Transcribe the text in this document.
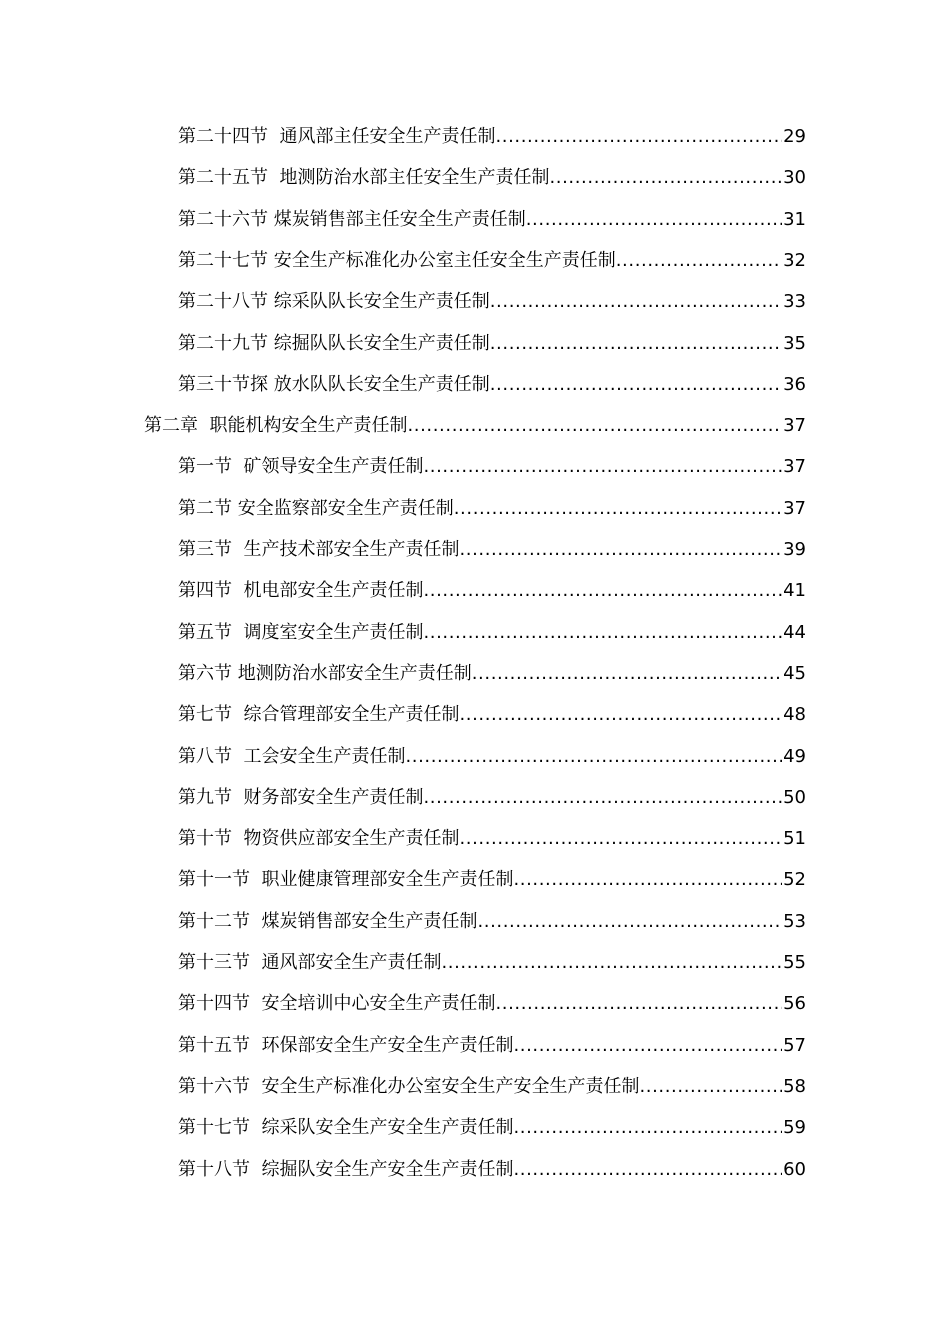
第二十四节  通风部主任安全生产责任制 .....	29
第二十五节  地测防治水部主任安全生产责任制 .....	30
第二十六节 煤炭销售部主任安全生产责任制 .....	31
第二十七节 安全生产标准化办公室主任安全生产责任制 .....	32
第二十八节 综采队队长安全生产责任制 .....	33
第二十九节 综掘队队长安全生产责任制 .....	35
第三十节探 放水队队长安全生产责任制 .....	36
第二章  职能机构安全生产责任制 .....	37
第一节  矿领导安全生产责任制 .....	37
第二节 安全监察部安全生产责任制 .....	37
第三节  生产技术部安全生产责任制 .....	39
第四节  机电部安全生产责任制 .....	41
第五节  调度室安全生产责任制 .....	44
第六节 地测防治水部安全生产责任制 .....	45
第七节  综合管理部安全生产责任制 .....	48
第八节  工会安全生产责任制 .....	49
第九节  财务部安全生产责任制 .....	50
第十节  物资供应部安全生产责任制 .....	51
第十一节  职业健康管理部安全生产责任制 .....	52
第十二节  煤炭销售部安全生产责任制 .....	53
第十三节  通风部安全生产责任制 .....	55
第十四节  安全培训中心安全生产责任制 .....	56
第十五节  环保部安全生产安全生产责任制 .....	57
第十六节  安全生产标准化办公室安全生产安全生产责任制 .....	58
第十七节  综采队安全生产安全生产责任制 .....	59
第十八节  综掘队安全生产安全生产责任制 .....	60
